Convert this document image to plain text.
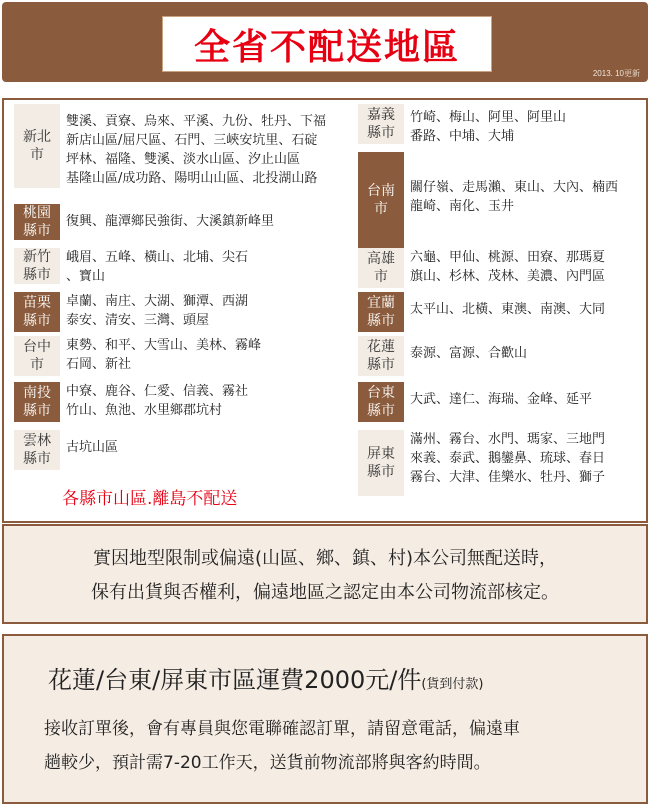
全省不配送地區
2013. 10更新
新北市
雙溪、貢寮、烏來、平溪、九份、牡丹、下福
新店山區/屈尺區、石門、三峽安坑里、石碇
坪林、福隆、雙溪、淡水山區、汐止山區
基隆山區/成功路、陽明山山區、北投湖山路
桃園縣市
復興、龍潭鄉民強街、大溪鎮新峰里
新竹縣市
峨眉、五峰、橫山、北埔、尖石
、寶山
苗栗縣市
卓蘭、南庄、大湖、獅潭、西湖
泰安、清安、三灣、頭屋
台中市
東勢、和平、大雪山、美林、霧峰
石岡、新社
南投縣市
中寮、鹿谷、仁愛、信義、霧社
竹山、魚池、水里鄉郡坑村
雲林縣市
古坑山區
嘉義縣市
竹崎、梅山、阿里、阿里山
番路、中埔、大埔
台南市
關仔嶺、走馬瀨、東山、大內、楠西
龍崎、南化、玉井
高雄市
六龜、甲仙、桃源、田寮、那瑪夏
旗山、杉林、茂林、美濃、內門區
宜蘭縣市
太平山、北橫、東澳、南澳、大同
花蓮縣市
泰源、富源、合歡山
台東縣市
大武、達仁、海瑞、金峰、延平
屏東縣市
滿州、霧台、水門、瑪家、三地門
來義、泰武、鵝鑾鼻、琉球、春日
霧台、大津、佳樂水、牡丹、獅子
各縣市山區.離島不配送
實因地型限制或偏遠(山區、鄉、鎮、村)本公司無配送時，
保有出貨與否權利，偏遠地區之認定由本公司物流部核定。
花蓮/台東/屏東市區運費2000元/件(貨到付款)
接收訂單後，會有專員與您電聯確認訂單，請留意電話，偏遠車
趟較少，預計需7-20工作天，送貨前物流部將與客約時間。
